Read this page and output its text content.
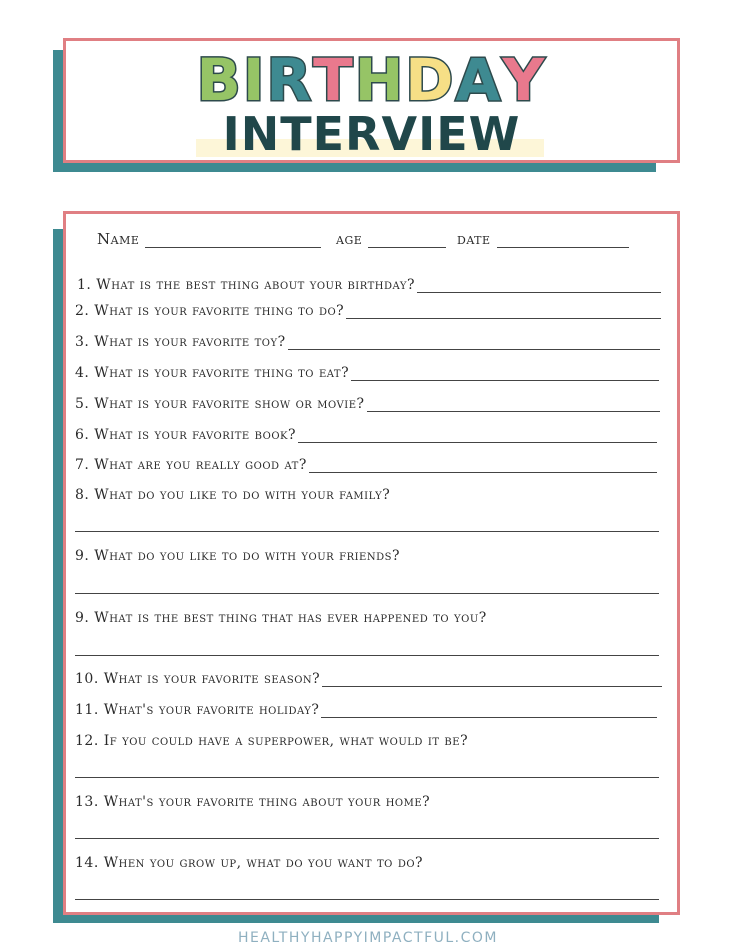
BIRTHDAY
INTERVIEW
Name	age	date
1. What is the best thing about your birthday?
2. What is your favorite thing to do?
3. What is your favorite toy?
4. What is your favorite thing to eat?
5. What is your favorite show or movie?
6. What is your favorite book?
7. What are you really good at?
8. What do you like to do with your family?
9. What do you like to do with your friends?
9. What is the best thing that has ever happened to you?
10. What is your favorite season?
11. What's your favorite holiday?
12. If you could have a superpower, what would it be?
13. What's your favorite thing about your home?
14. When you grow up, what do you want to do?
HEALTHYHAPPYIMPACTFUL.COM
